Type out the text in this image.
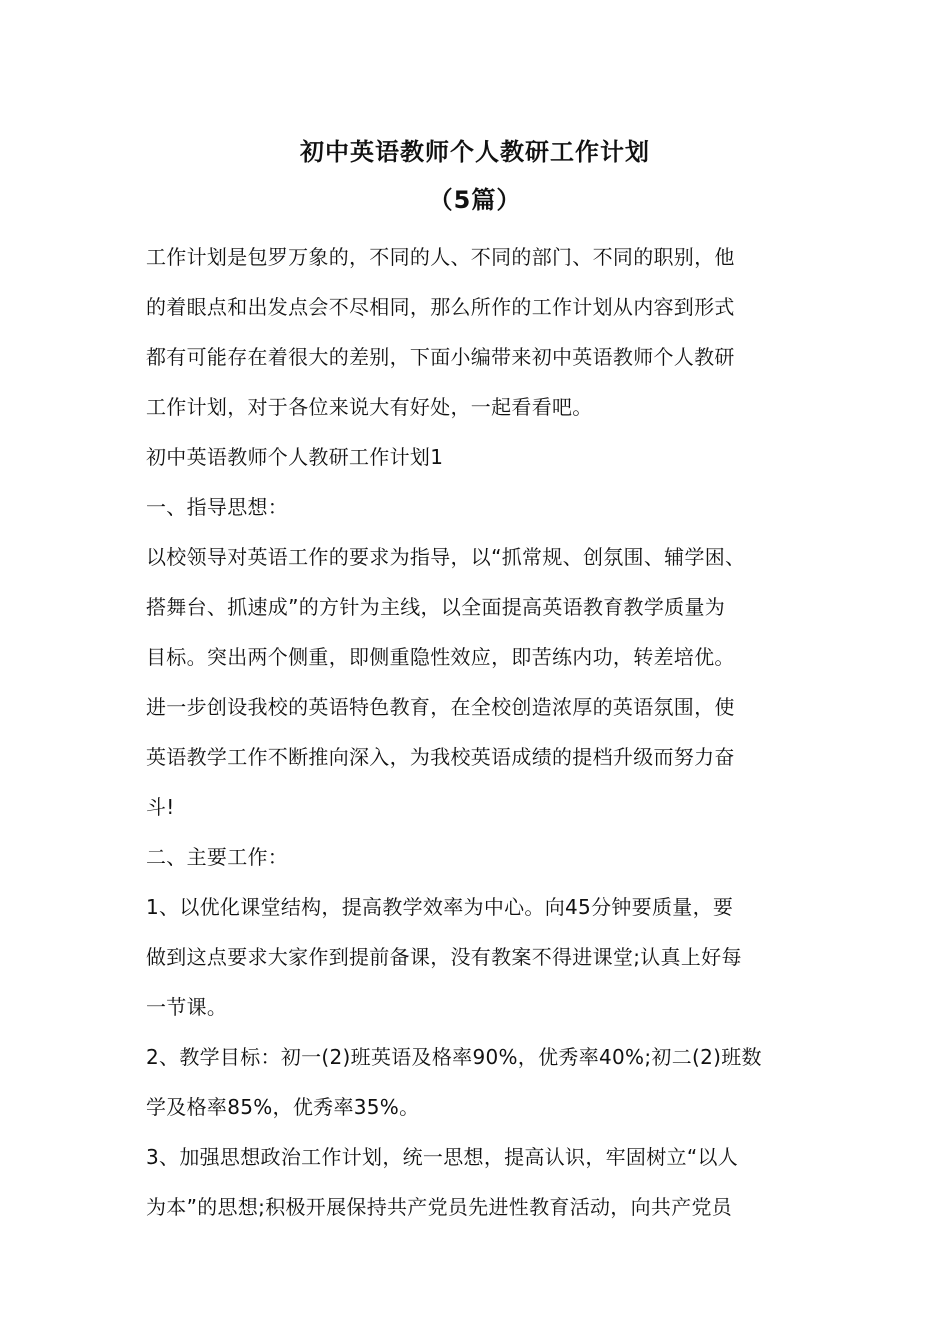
初中英语教师个人教研工作计划
（5篇）
工作计划是包罗万象的，不同的人、不同的部门、不同的职别，他
的着眼点和出发点会不尽相同，那么所作的工作计划从内容到形式
都有可能存在着很大的差别，下面小编带来初中英语教师个人教研
工作计划，对于各位来说大有好处，一起看看吧。
初中英语教师个人教研工作计划1
一、指导思想：
以校领导对英语工作的要求为指导，以“抓常规、创氛围、辅学困、
搭舞台、抓速成”的方针为主线，以全面提高英语教育教学质量为
目标。突出两个侧重，即侧重隐性效应，即苦练内功，转差培优。
进一步创设我校的英语特色教育，在全校创造浓厚的英语氛围，使
英语教学工作不断推向深入，为我校英语成绩的提档升级而努力奋
斗!
二、主要工作：
1、以优化课堂结构，提高教学效率为中心。向45分钟要质量，要
做到这点要求大家作到提前备课，没有教案不得进课堂;认真上好每
一节课。
2、教学目标：初一(2)班英语及格率90%，优秀率40%;初二(2)班数
学及格率85%，优秀率35%。
3、加强思想政治工作计划，统一思想，提高认识，牢固树立“以人
为本”的思想;积极开展保持共产党员先进性教育活动，向共产党员
